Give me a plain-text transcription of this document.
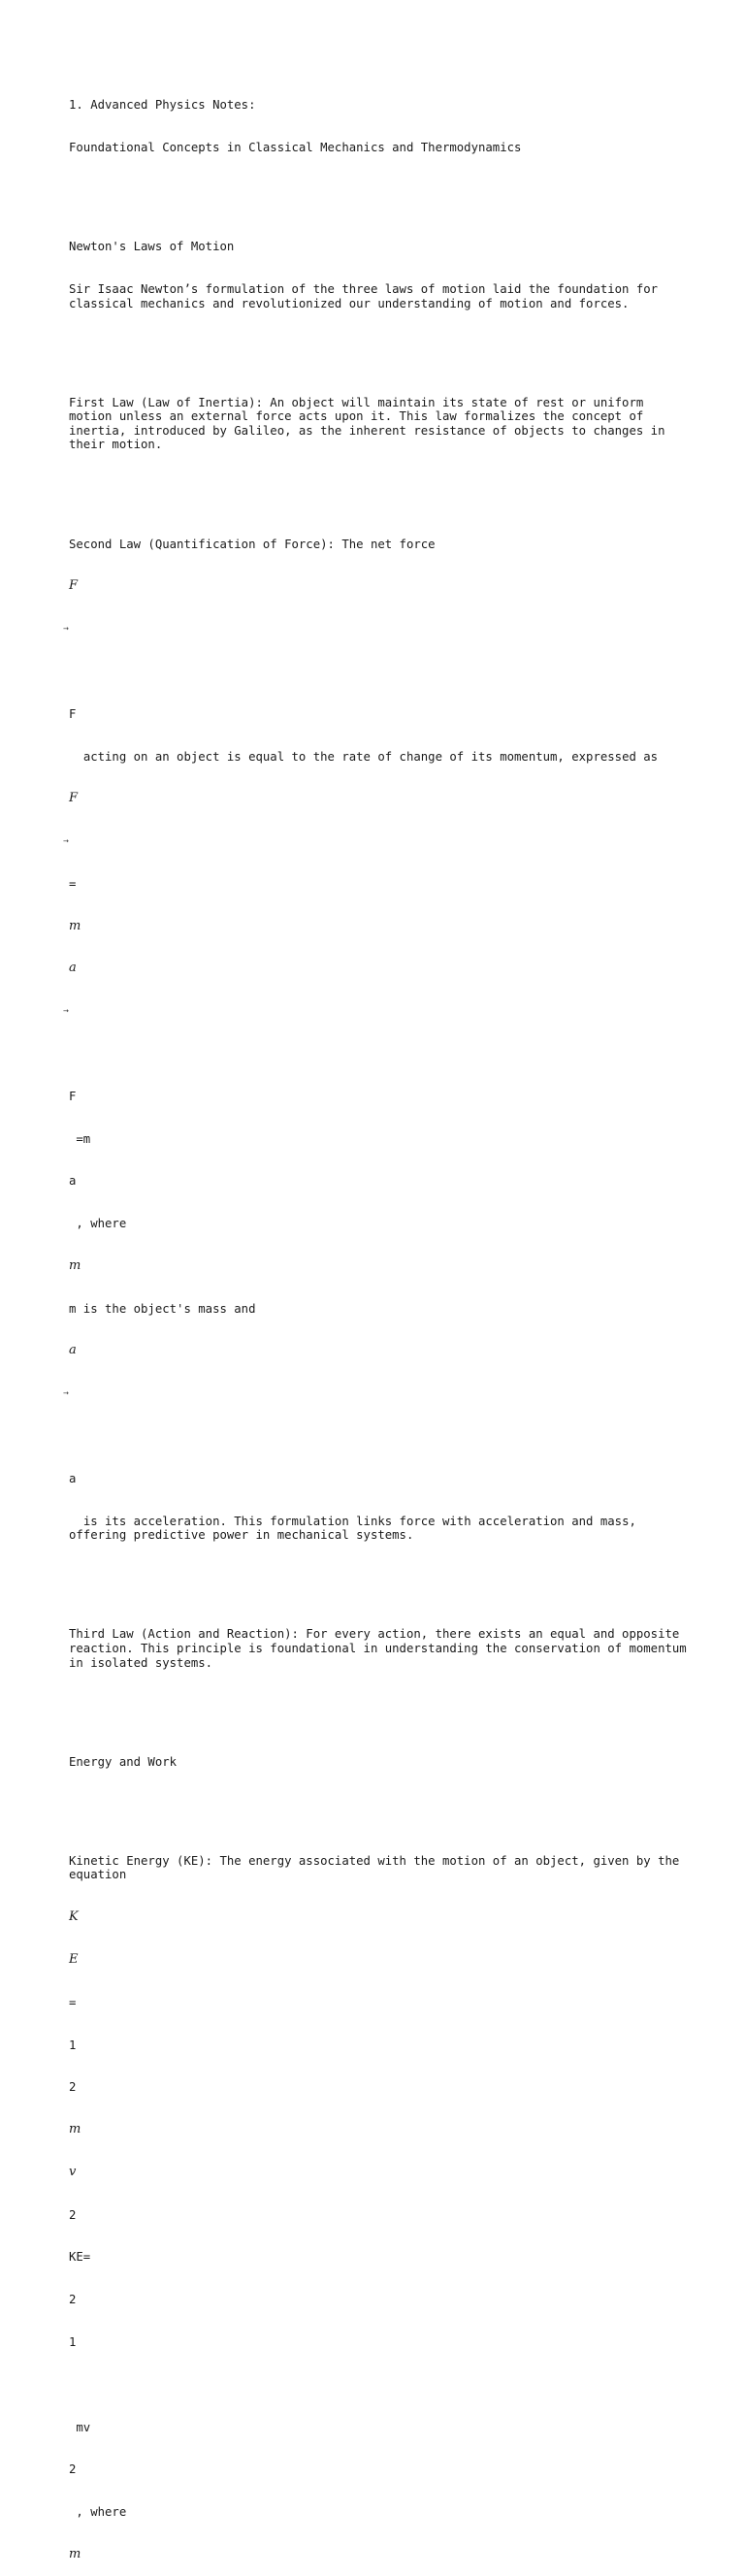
1. Advanced Physics Notes:

Foundational Concepts in Classical Mechanics and Thermodynamics

Newton's Laws of Motion

Sir Isaac Newton’s formulation of the three laws of motion laid the foundation for classical mechanics and revolutionized our understanding of motion and forces.

First Law (Law of Inertia): An object will maintain its state of rest or uniform motion unless an external force acts upon it. This law formalizes the concept of inertia, introduced by Galileo, as the inherent resistance of objects to changes in their motion.

Second Law (Quantification of Force): The net force

F

→

F

acting on an object is equal to the rate of change of its momentum, expressed as

F

→

=

m

a

→

F

=m

a

, where

m

m is the object's mass and

a

→

a

is its acceleration. This formulation links force with acceleration and mass, offering predictive power in mechanical systems.

Third Law (Action and Reaction): For every action, there exists an equal and opposite reaction. This principle is foundational in understanding the conservation of momentum in isolated systems.

Energy and Work

Kinetic Energy (KE): The energy associated with the motion of an object, given by the equation

K

E

=

1

2

m

v

2

KE=

2

1

mv

2

, where

m
